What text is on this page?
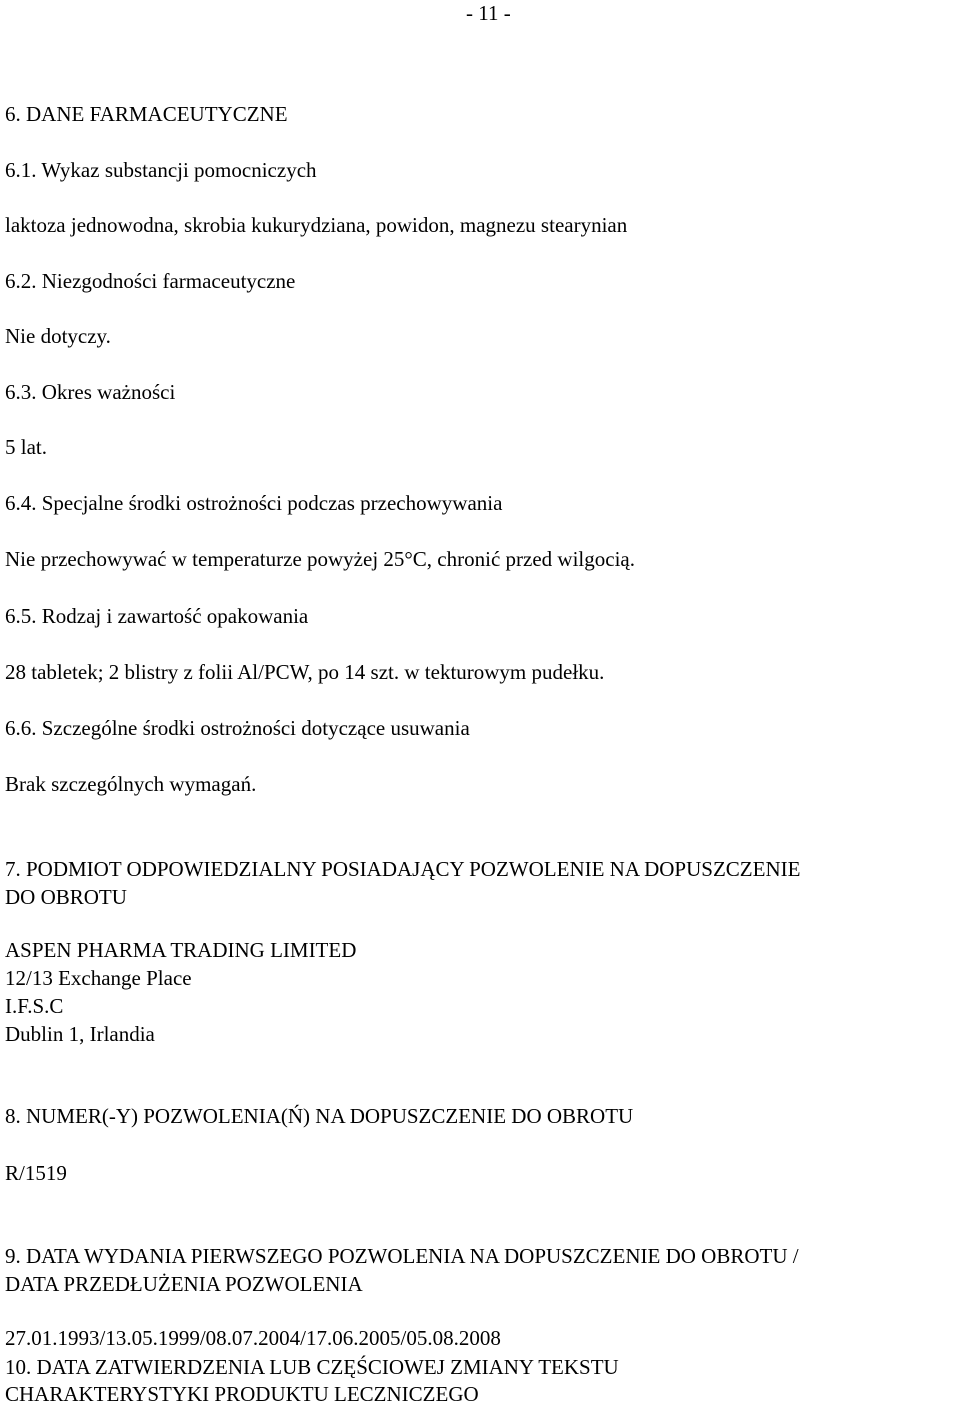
- 11 -
6. DANE FARMACEUTYCZNE
6.1. Wykaz substancji pomocniczych
laktoza jednowodna, skrobia kukurydziana, powidon, magnezu stearynian
6.2. Niezgodności farmaceutyczne
Nie dotyczy.
6.3. Okres ważności
5 lat.
6.4. Specjalne środki ostrożności podczas przechowywania
Nie przechowywać w temperaturze powyżej 25°C, chronić przed wilgocią.
6.5. Rodzaj i zawartość opakowania
28 tabletek; 2 blistry z folii Al/PCW, po 14 szt. w tekturowym pudełku.
6.6. Szczególne środki ostrożności dotyczące usuwania
Brak szczególnych wymagań.
7. PODMIOT ODPOWIEDZIALNY POSIADAJĄCY POZWOLENIE NA DOPUSZCZENIE
DO OBROTU
ASPEN PHARMA TRADING LIMITED
12/13 Exchange Place
I.F.S.C
Dublin 1, Irlandia
8. NUMER(-Y) POZWOLENIA(Ń) NA DOPUSZCZENIE DO OBROTU
R/1519
9. DATA WYDANIA PIERWSZEGO POZWOLENIA NA DOPUSZCZENIE DO OBROTU /
DATA PRZEDŁUŻENIA POZWOLENIA
27.01.1993/13.05.1999/08.07.2004/17.06.2005/05.08.2008
10. DATA ZATWIERDZENIA LUB CZĘŚCIOWEJ ZMIANY TEKSTU
CHARAKTERYSTYKI PRODUKTU LECZNICZEGO
